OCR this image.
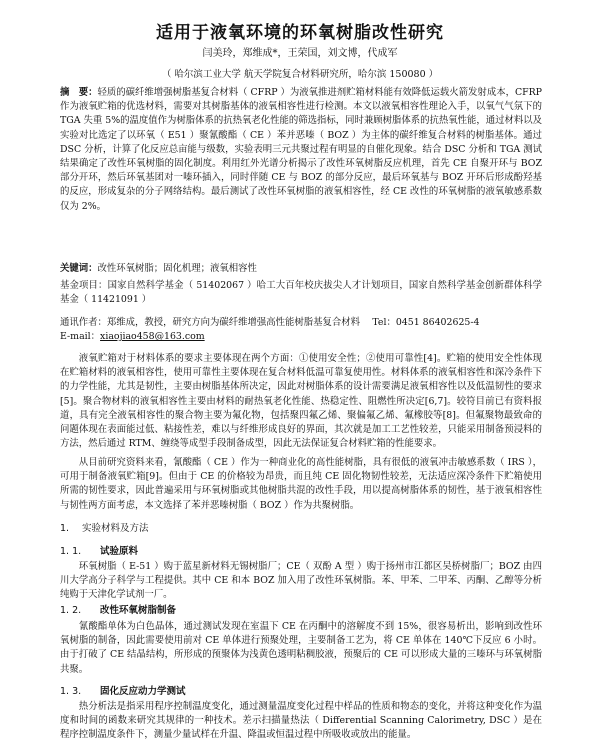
适用于液氧环境的环氧树脂改性研究
闫美玲，郑维成*，王荣国，刘文博，代成军
（ 哈尔滨工业大学 航天学院复合材料研究所，哈尔滨 150080 ）
摘　要：轻质的碳纤维增强树脂基复合材料（ CFRP ）为液氧推进剂贮箱材料能有效降低运载火箭发射成本，CFRP 作为液氧贮箱的优选材料，需要对其树脂基体的液氧相容性进行检测。本文以液氧相容性理论入手，以氧气气氛下的 TGA 失重 5%的温度值作为树脂体系的抗热氧老化性能的筛选指标，同时兼顾树脂体系的抗热氧性能，通过材料以及实验对比选定了以环氧（ E51 ）聚氰酸酯（ CE ）苯并恶嗪（ BOZ ）为主体的碳纤维复合材料的树脂基体。通过 DSC 分析，计算了化反应总亩能与级数，实验表明三元共聚过程有明显的自催化现象。结合 DSC 分析和 TGA 测试结果确定了改性环氧树脂的固化制度。利用红外光谱分析揭示了改性环氧树脂反应机理，首先 CE 自聚开环与 BOZ 部分开环，然后环氧基团对一嗪环插入，同时伴随 CE 与 BOZ 的部分反应，最后环氧基与 BOZ 开环后形成酚羟基的反应，形成复杂的分子网络结构。最后测试了改性环氧树脂的液氧相容性，经 CE 改性的环氧树脂的液氧敏感系数仅为 2%。
关键词：改性环氧树脂；固化机理；液氧相容性
基金项目：国家自然科学基金（ 51402067 ）哈工大百年校庆拔尖人才计划项目，国家自然科学基金创新群体科学基金（ 11421091 ）
通讯作者：郑维成，教授，研究方向为碳纤维增强高性能树脂基复合材料　 Tel：0451 86402625-4
E-mail：xiaojiao458@163.com
液氧贮箱对于材料体系的要求主要体现在两个方面：①使用安全性；②使用可靠性[4]。贮箱的使用安全性体现在贮箱材料的液氧相容性，使用可靠性主要体现在复合材料低温可靠复使用性。材料体系的液氧相容性和深冷条件下的力学性能，尤其是韧性，主要由树脂基体所决定，因此对树脂体系的设计需要满足液氧相容性以及低温韧性的要求[5]。聚合物材料的液氧相容性主要由材料的耐热氧老化性能、热稳定性、阻燃性所决定[6,7]。较符目前已有资料报道，具有完全液氧相容性的聚合物主要为氟化物，包括聚四氟乙烯、聚偏氟乙烯、氟橡胶等[8]。但氟聚物最致命的问题体现在表面能过低、粘接性差，难以与纤维形成良好的界面，其次就是加工工艺性较差，只能采用制备预浸料的方法，然后通过 RTM、缠绕等成型手段制备成型，因此无法保证复合材料贮箱的性能要求。
从目前研究资料来看，氰酸酯（ CE ）作为一种商业化的高性能树脂，具有很低的液氧冲击敏感系数（ IRS ），可用于制备液氧贮箱[9]。但由于 CE 的价格较为昂贵，而且纯 CE 固化物韧性较差，无法适应深冷条件下贮箱使用所需的韧性要求，因此普遍采用与环氧树脂或其他树脂共混的改性手段，用以提高树脂体系的韧性，基于液氧相容性与韧性两方面考虑，本文选择了苯并恶嗪树脂（ BOZ ）作为共聚树脂。
1. 实验材料及方法
1. 1. 试验原料
环氧树脂（ E-51 ）购于蓝星新材料无锡树脂厂；CE（ 双酚 A 型 ）购于扬州市江都区吴桥树脂厂；BOZ 由四川大学高分子科学与工程提供。其中 CE 和本 BOZ 加入用了改性环氧树脂。苯、甲苯、二甲苯、丙酮、乙醇等分析纯购于天津化学试剂一厂。
1. 2. 改性环氧树脂制备
氰酸酯单体为白色晶体，通过测试发现在室温下 CE 在丙酮中的溶解度不到 15%，很容易析出，影响到改性环氧树脂的制备，因此需要使用前对 CE 单体进行预聚处理，主要制备工艺为，将 CE 单体在 140℃下反应 6 小时。由于打破了 CE 结晶结构，所形成的预聚体为浅黄色透明粘稠胶液，预聚后的 CE 可以形成大量的三嗪环与环氧树脂共聚。
1. 3. 固化反应动力学测试
热分析法是指采用程序控制温度变化，通过测量温度变化过程中样品的性质和物态的变化，并将这种变化作为温度和时间的函数来研究其规律的一种技术。差示扫描量热法（ Differential Scanning Calorimetry, DSC ）是在程序控制温度条件下，测量少量试样在升温、降温或恒温过程中所吸收或放出的能量。
